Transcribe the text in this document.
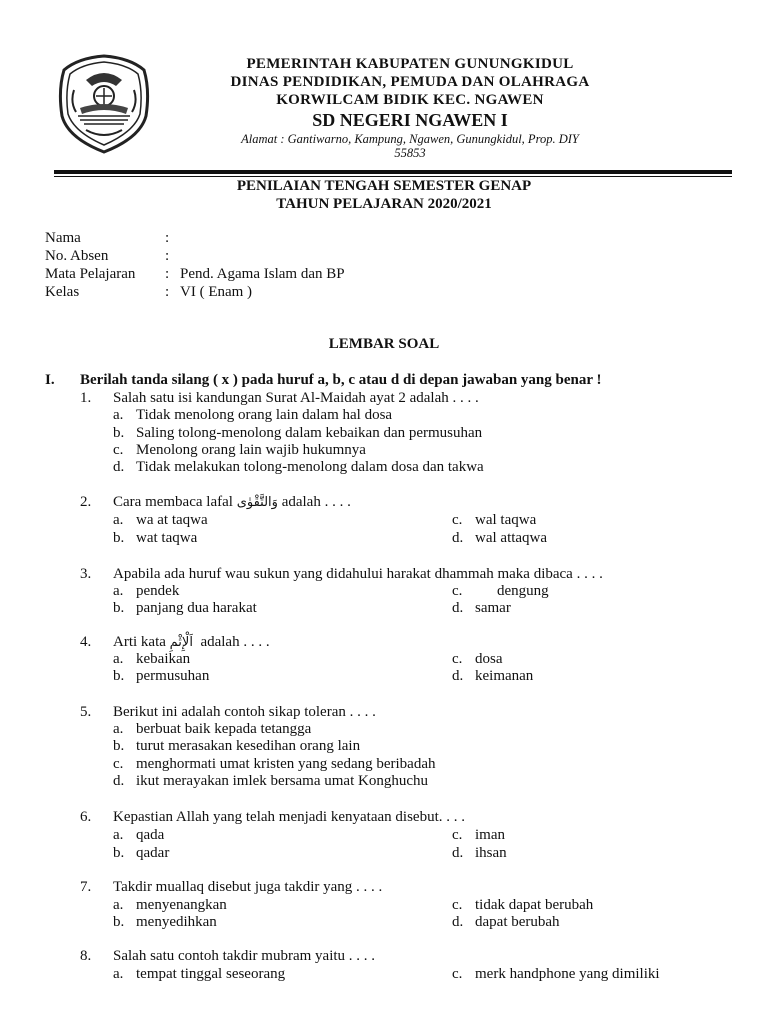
PEMERINTAH KABUPATEN GUNUNGKIDUL
DINAS PENDIDIKAN, PEMUDA DAN OLAHRAGA
KORWILCAM BIDIK KEC. NGAWEN
SD NEGERI NGAWEN I
Alamat : Gantiwarno, Kampung, Ngawen, Gunungkidul, Prop. DIY
55853
PENILAIAN TENGAH SEMESTER GENAP
TAHUN PELAJARAN 2020/2021
Nama	:
No. Absen	:
Mata Pelajaran : Pend. Agama Islam dan BP
Kelas	: VI ( Enam )
LEMBAR SOAL
I. Berilah tanda silang ( x ) pada huruf a, b, c atau d di depan jawaban yang benar !
1. Salah satu isi kandungan Surat Al-Maidah ayat 2 adalah . . . .
a. Tidak menolong orang lain dalam hal dosa
b. Saling tolong-menolong dalam kebaikan dan permusuhan
c. Menolong orang lain wajib hukumnya
d. Tidak melakukan tolong-menolong dalam dosa dan takwa
2. Cara membaca lafal وَالتَّقْوٰى adalah . . . .
a. wa at taqwa
b. wat taqwa
c. wal taqwa
d. wal attaqwa
3. Apabila ada huruf wau sukun yang didahului harakat dhammah maka dibaca . . . .
a. pendek
b. panjang dua harakat
c. dengung
d. samar
4. Arti kata اَلْإِثْمِ adalah . . . .
a. kebaikan
b. permusuhan
c. dosa
d. keimanan
5. Berikut ini adalah contoh sikap toleran . . . .
a. berbuat baik kepada tetangga
b. turut merasakan kesedihan orang lain
c. menghormati umat kristen yang sedang beribadah
d. ikut merayakan imlek bersama umat Konghuchu
6. Kepastian Allah yang telah menjadi kenyataan disebut. . . .
a. qada
b. qadar
c. iman
d. ihsan
7. Takdir muallaq disebut juga takdir yang . . . .
a. menyenangkan
b. menyedihkan
c. tidak dapat berubah
d. dapat berubah
8. Salah satu contoh takdir mubram yaitu . . . .
a. tempat tinggal seseorang	c. merk handphone yang dimiliki
